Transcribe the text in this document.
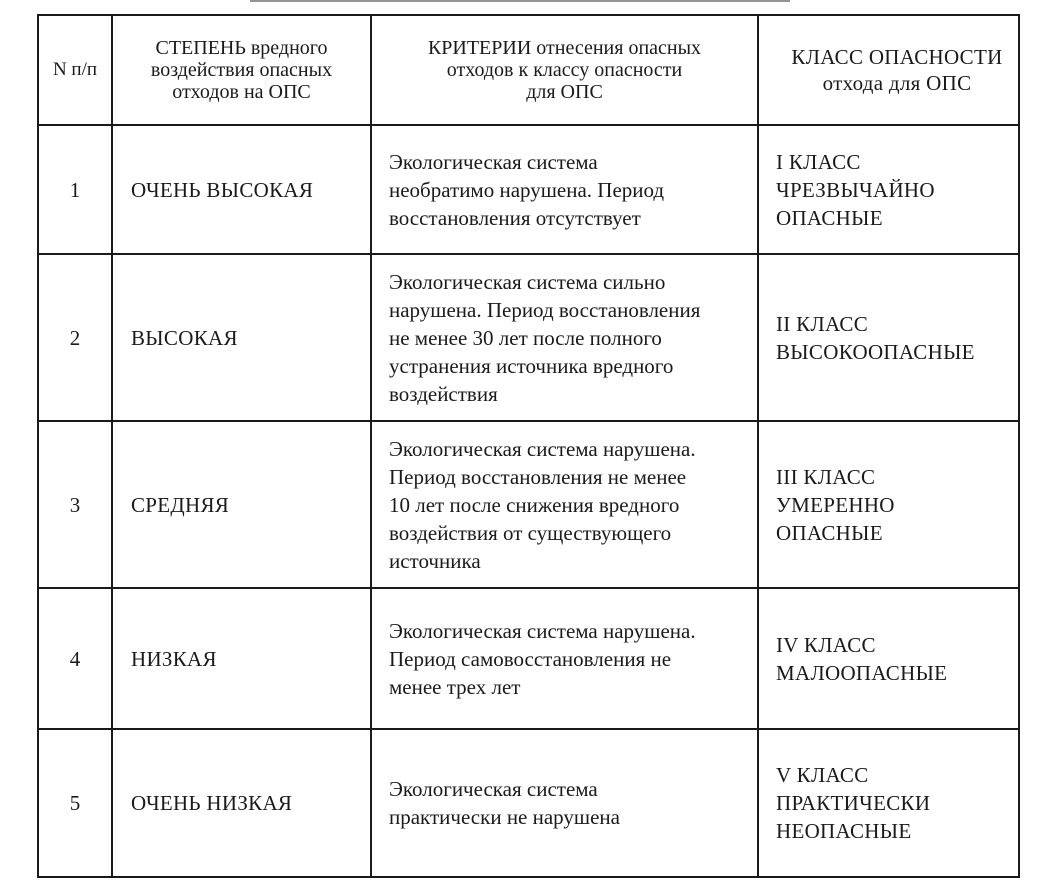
N п/п	СТЕПЕНЬ вредного
воздействия опасных
отходов на ОПС	КРИТЕРИИ отнесения опасных
отходов к классу опасности
для ОПС	КЛАСС ОПАСНОСТИ
отхода для ОПС

1	ОЧЕНЬ ВЫСОКАЯ	Экологическая система
необратимо нарушена. Период
восстановления отсутствует	I КЛАСС
ЧРЕЗВЫЧАЙНО
ОПАСНЫЕ

2	ВЫСОКАЯ	Экологическая система сильно
нарушена. Период восстановления
не менее 30 лет после полного
устранения источника вредного
воздействия	II КЛАСС
ВЫСОКООПАСНЫЕ

3	СРЕДНЯЯ	Экологическая система нарушена.
Период восстановления не менее
10 лет после снижения вредного
воздействия от существующего
источника	III КЛАСС
УМЕРЕННО
ОПАСНЫЕ

4	НИЗКАЯ	Экологическая система нарушена.
Период самовосстановления не
менее трех лет	IV КЛАСС
МАЛООПАСНЫЕ

5	ОЧЕНЬ НИЗКАЯ	Экологическая система
практически не нарушена	V КЛАСС
ПРАКТИЧЕСКИ
НЕОПАСНЫЕ
